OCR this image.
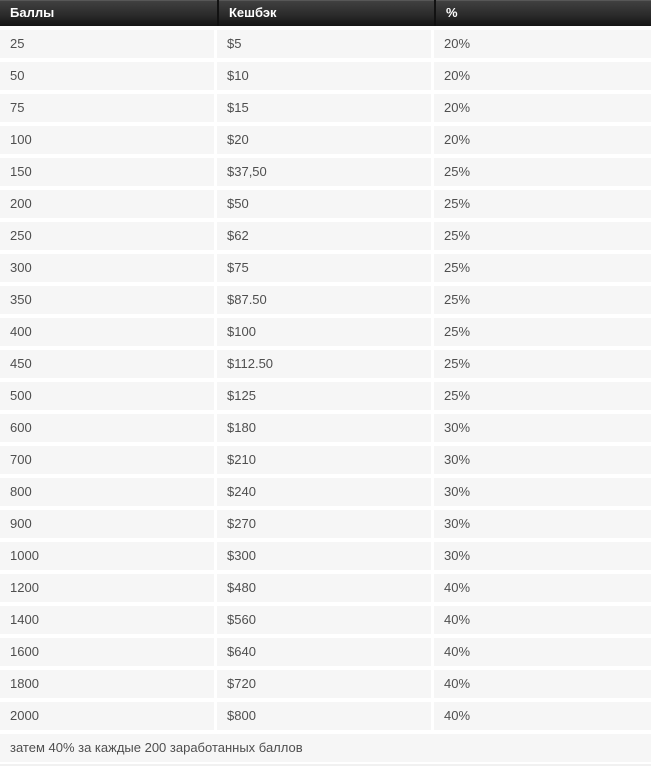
Баллы	Кешбэк	%
25	$5	20%
50	$10	20%
75	$15	20%
100	$20	20%
150	$37,50	25%
200	$50	25%
250	$62	25%
300	$75	25%
350	$87.50	25%
400	$100	25%
450	$112.50	25%
500	$125	25%
600	$180	30%
700	$210	30%
800	$240	30%
900	$270	30%
1000	$300	30%
1200	$480	40%
1400	$560	40%
1600	$640	40%
1800	$720	40%
2000	$800	40%
затем 40% за каждые 200 заработанных баллов
